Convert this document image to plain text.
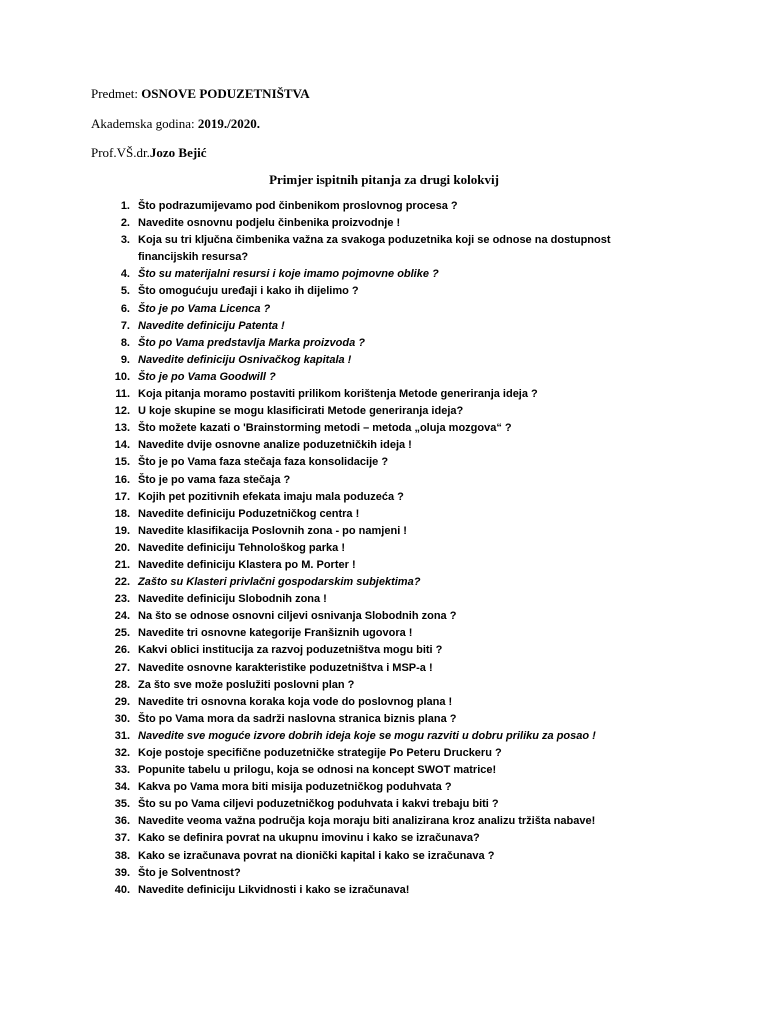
Predmet: OSNOVE PODUZETNIŠTVA
Akademska godina: 2019./2020.
Prof.VŠ.dr.Jozo Bejić
Primjer ispitnih pitanja za drugi kolokvij
1. Što podrazumijevamo pod činbenikom proslovnog procesa ?
2. Navedite osnovnu podjelu činbenika proizvodnje !
3. Koja su tri ključna čimbenika važna za svakoga poduzetnika koji se odnose na dostupnost financijskih resursa?
4. Što su materijalni resursi i koje imamo pojmovne oblike ?
5. Što omogućuju uređaji i kako ih dijelimo ?
6. Što je po Vama Licenca ?
7. Navedite definiciju Patenta !
8. Što po Vama predstavlja Marka proizvoda ?
9. Navedite definiciju Osnivačkog kapitala !
10. Što je po Vama Goodwill ?
11. Koja pitanja moramo postaviti prilikom korištenja Metode generiranja ideja ?
12. U koje skupine se mogu klasificirati Metode generiranja ideja?
13. Što možete kazati o 'Brainstorming metodi – metoda „oluja mozgova“ ?
14. Navedite dvije osnovne analize poduzetničkih ideja !
15. Što je po Vama faza stečaja faza konsolidacije ?
16. Što je po vama faza stečaja ?
17. Kojih pet pozitivnih efekata imaju mala poduzeća ?
18. Navedite definiciju Poduzetničkog centra !
19. Navedite klasifikacija Poslovnih zona - po namjeni !
20. Navedite definiciju Tehnološkog parka !
21. Navedite definiciju Klastera po M. Porter !
22. Zašto su Klasteri privlačni gospodarskim subjektima?
23. Navedite definiciju Slobodnih zona !
24. Na što se odnose osnovni ciljevi osnivanja Slobodnih zona ?
25. Navedite tri osnovne kategorije Franšiznih ugovora !
26. Kakvi oblici institucija za razvoj poduzetništva mogu biti ?
27. Navedite osnovne karakteristike poduzetništva i MSP-a !
28. Za što sve može poslužiti poslovni plan ?
29. Navedite tri osnovna koraka koja vode do poslovnog plana !
30. Što po Vama mora da sadrži naslovna stranica biznis plana ?
31. Navedite sve moguće izvore dobrih ideja koje se mogu razviti u dobru priliku za posao !
32. Koje postoje specifične poduzetničke strategije Po Peteru Druckeru ?
33. Popunite tabelu u prilogu, koja se odnosi na koncept SWOT matrice!
34. Kakva po Vama mora biti misija poduzetničkog poduhvata ?
35. Što su po Vama ciljevi poduzetničkog poduhvata i kakvi trebaju biti ?
36. Navedite veoma važna područja koja moraju biti analizirana kroz analizu tržišta nabave!
37. Kako se definira povrat na ukupnu imovinu i kako se izračunava?
38. Kako se izračunava povrat na dionički kapital i kako se izračunava ?
39. Što je Solventnost?
40. Navedite definiciju Likvidnosti i kako se izračunava!
